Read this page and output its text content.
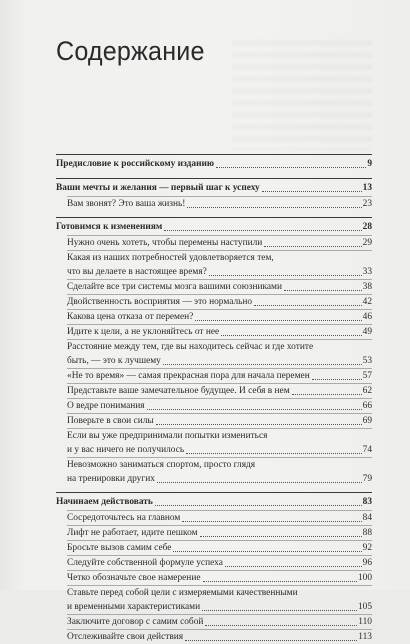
Содержание
Предисловие к российскому изданию	9
Ваши мечты и желания — первый шаг к успеху	13
Вам звонят? Это ваша жизнь!	23
Готовимся к изменениям	28
Нужно очень хотеть, чтобы перемены наступили	29
Какая из наших потребностей удовлетворяется тем,
что вы делаете в настоящее время?	33
Сделайте все три системы мозга вашими союзниками	38
Двойственность восприятия — это нормально	42
Какова цена отказа от перемен?	46
Идите к цели, а не уклоняйтесь от нее	49
Расстояние между тем, где вы находитесь сейчас и где хотите
быть, — это к лучшему	53
«Не то время» — самая прекрасная пора для начала перемен	57
Представьте ваше замечательное будущее. И себя в нем	62
О ведре понимания	66
Поверьте в свои силы	69
Если вы уже предпринимали попытки измениться
и у вас ничего не получилось	74
Невозможно заниматься спортом, просто глядя
на тренировки других	79
Начинаем действовать	83
Сосредоточьтесь на главном	84
Лифт не работает, идите пешком	88
Бросьте вызов самим себе	92
Следуйте собственной формуле успеха	96
Четко обозначьте свое намерение	100
Ставьте перед собой цели с измеряемыми качественными
и временными характеристиками	105
Заключите договор с самим собой	110
Отслеживайте свои действия	113
